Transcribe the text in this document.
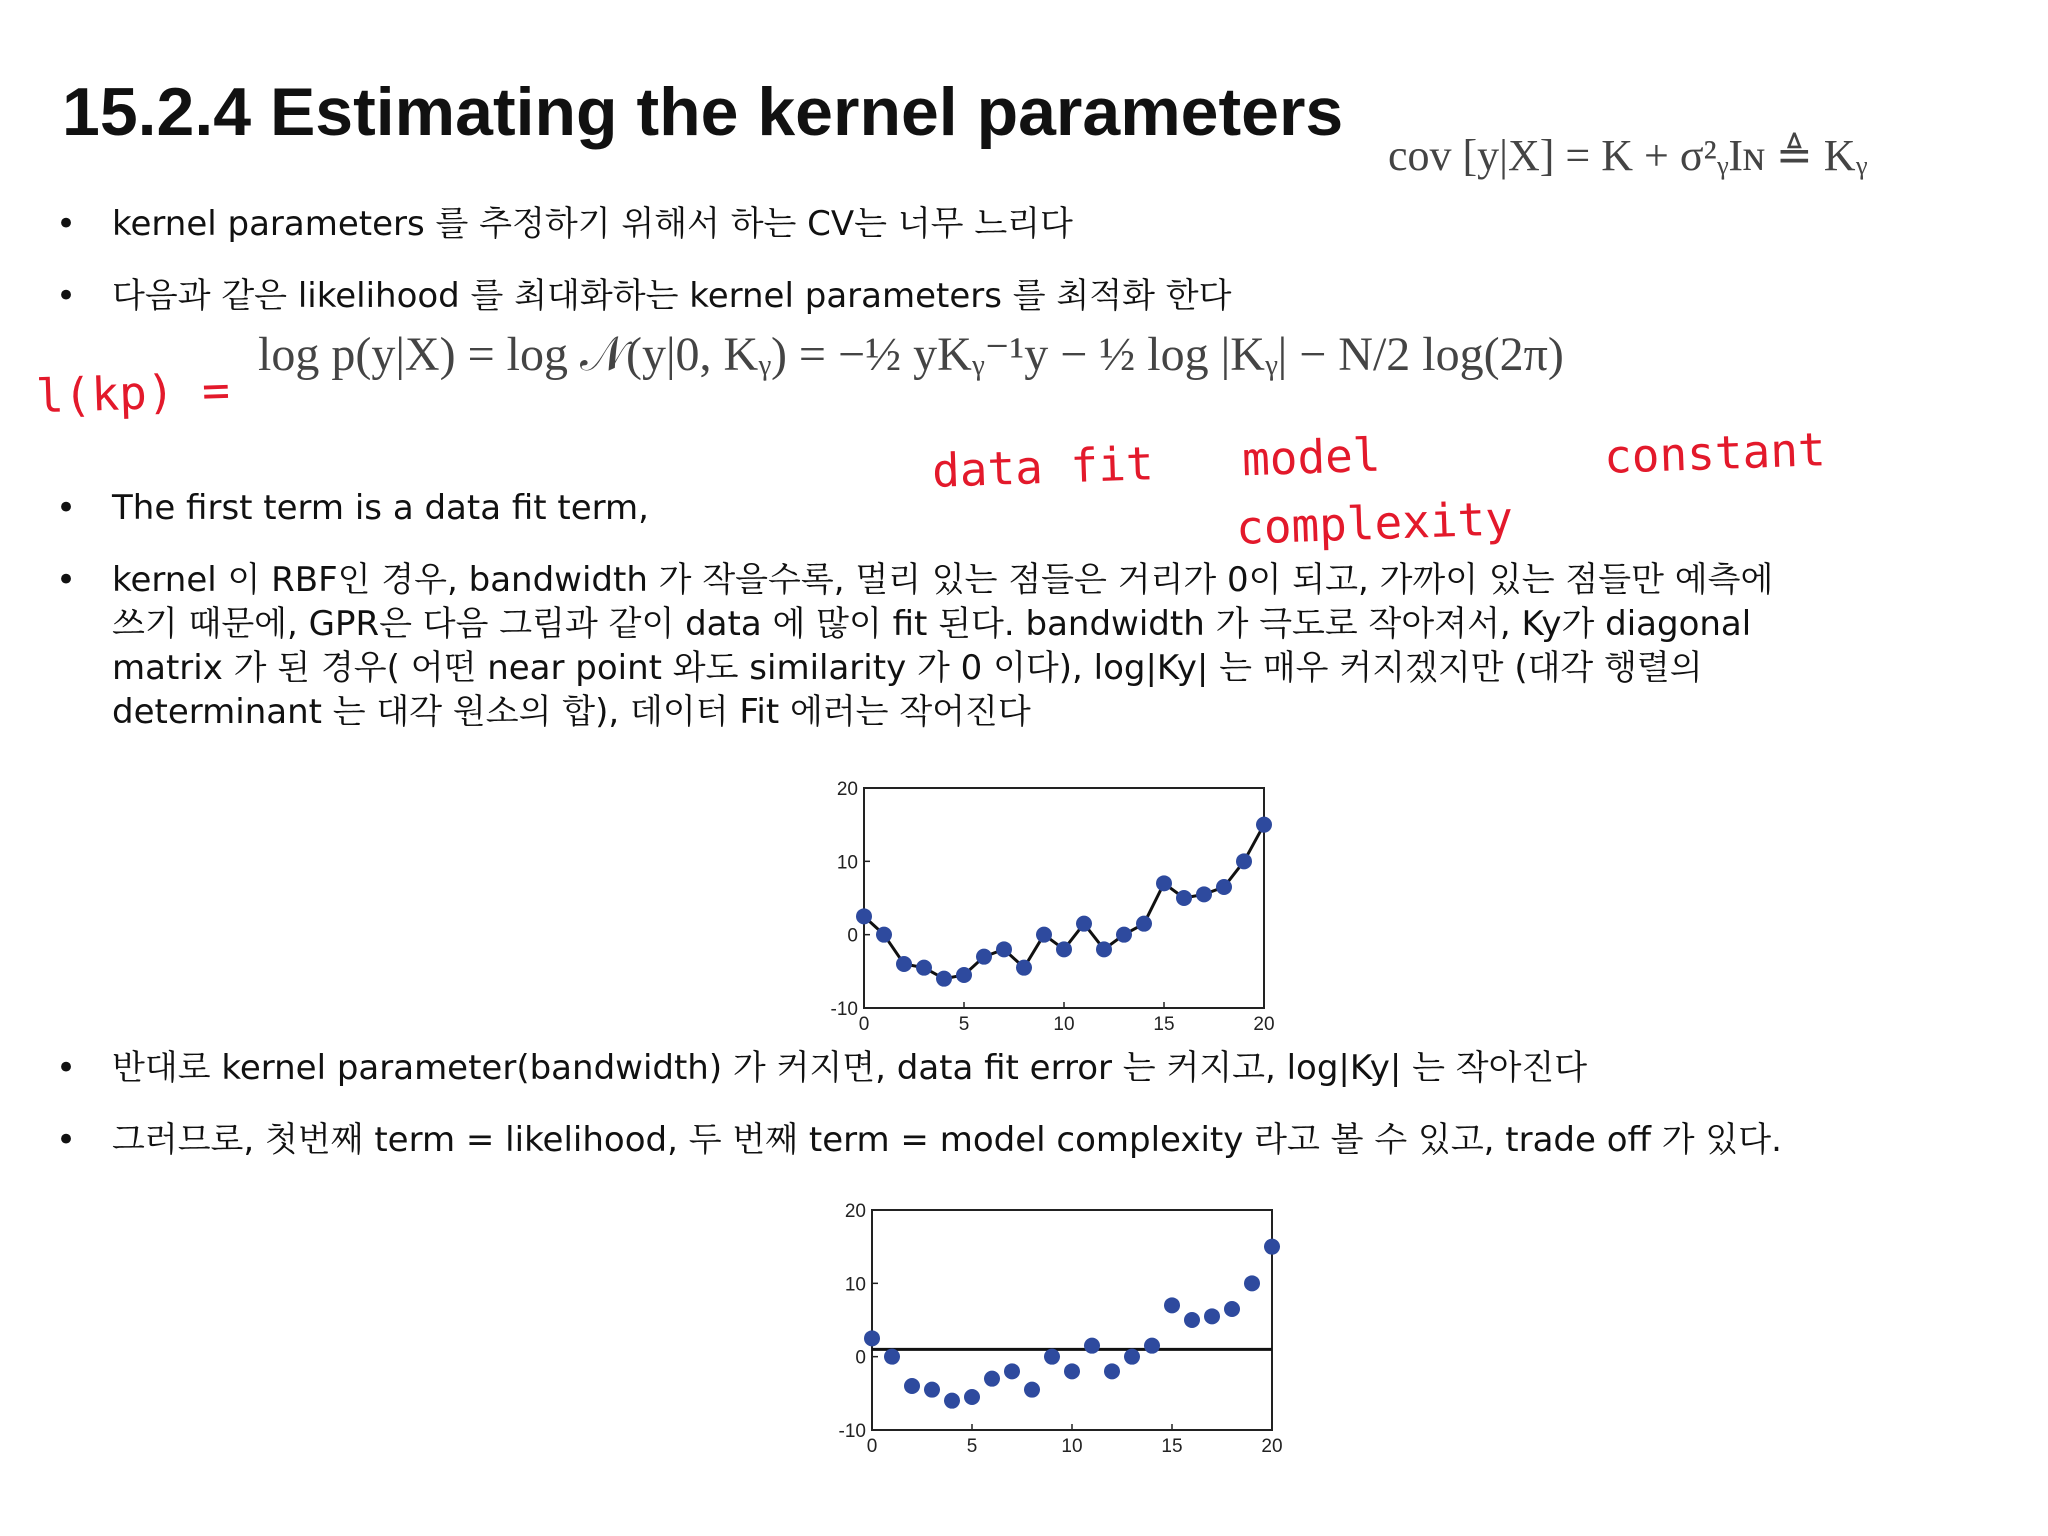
15.2.4 Estimating the kernel parameters
cov [y|X] = K + σ²ᵧIɴ ≜ Kᵧ
• kernel parameters 를 추정하기 위해서 하는 CV는 너무 느리다
• 다음과 같은 likelihood 를 최대화하는 kernel parameters 를 최적화 한다
l(kp) =
log p(y|X) = log 𝒩(y|0, Kᵧ) = −½ yKᵧ⁻¹y − ½ log |Kᵧ| − N/2 log(2π)
data fit model
complexity
constant
• The first term is a data fit term,
• kernel 이 RBF인 경우, bandwidth 가 작을수록, 멀리 있는 점들은 거리가 0이 되고, 가까이 있는 점들만 예측에

쓰기 때문에, GPR은 다음 그림과 같이 data 에 많이 fit 된다. bandwidth 가 극도로 작아져서, Ky가 diagonal

matrix 가 된 경우( 어떤 near point 와도 similarity 가 0 이다), log|Ky| 는 매우 커지겠지만 (대각 행렬의

determinant 는 대각 원소의 합), 데이터 Fit 에러는 작어진다

0	5	10	15	20
-10
0
10
20
• 반대로 kernel parameter(bandwidth) 가 커지면, data fit error 는 커지고, log|Ky| 는 작아진다
• 그러므로, 첫번째 term = likelihood, 두 번째 term = model complexity 라고 볼 수 있고, trade off 가 있다.
0	5	10	15	20
-10
0
10
20
